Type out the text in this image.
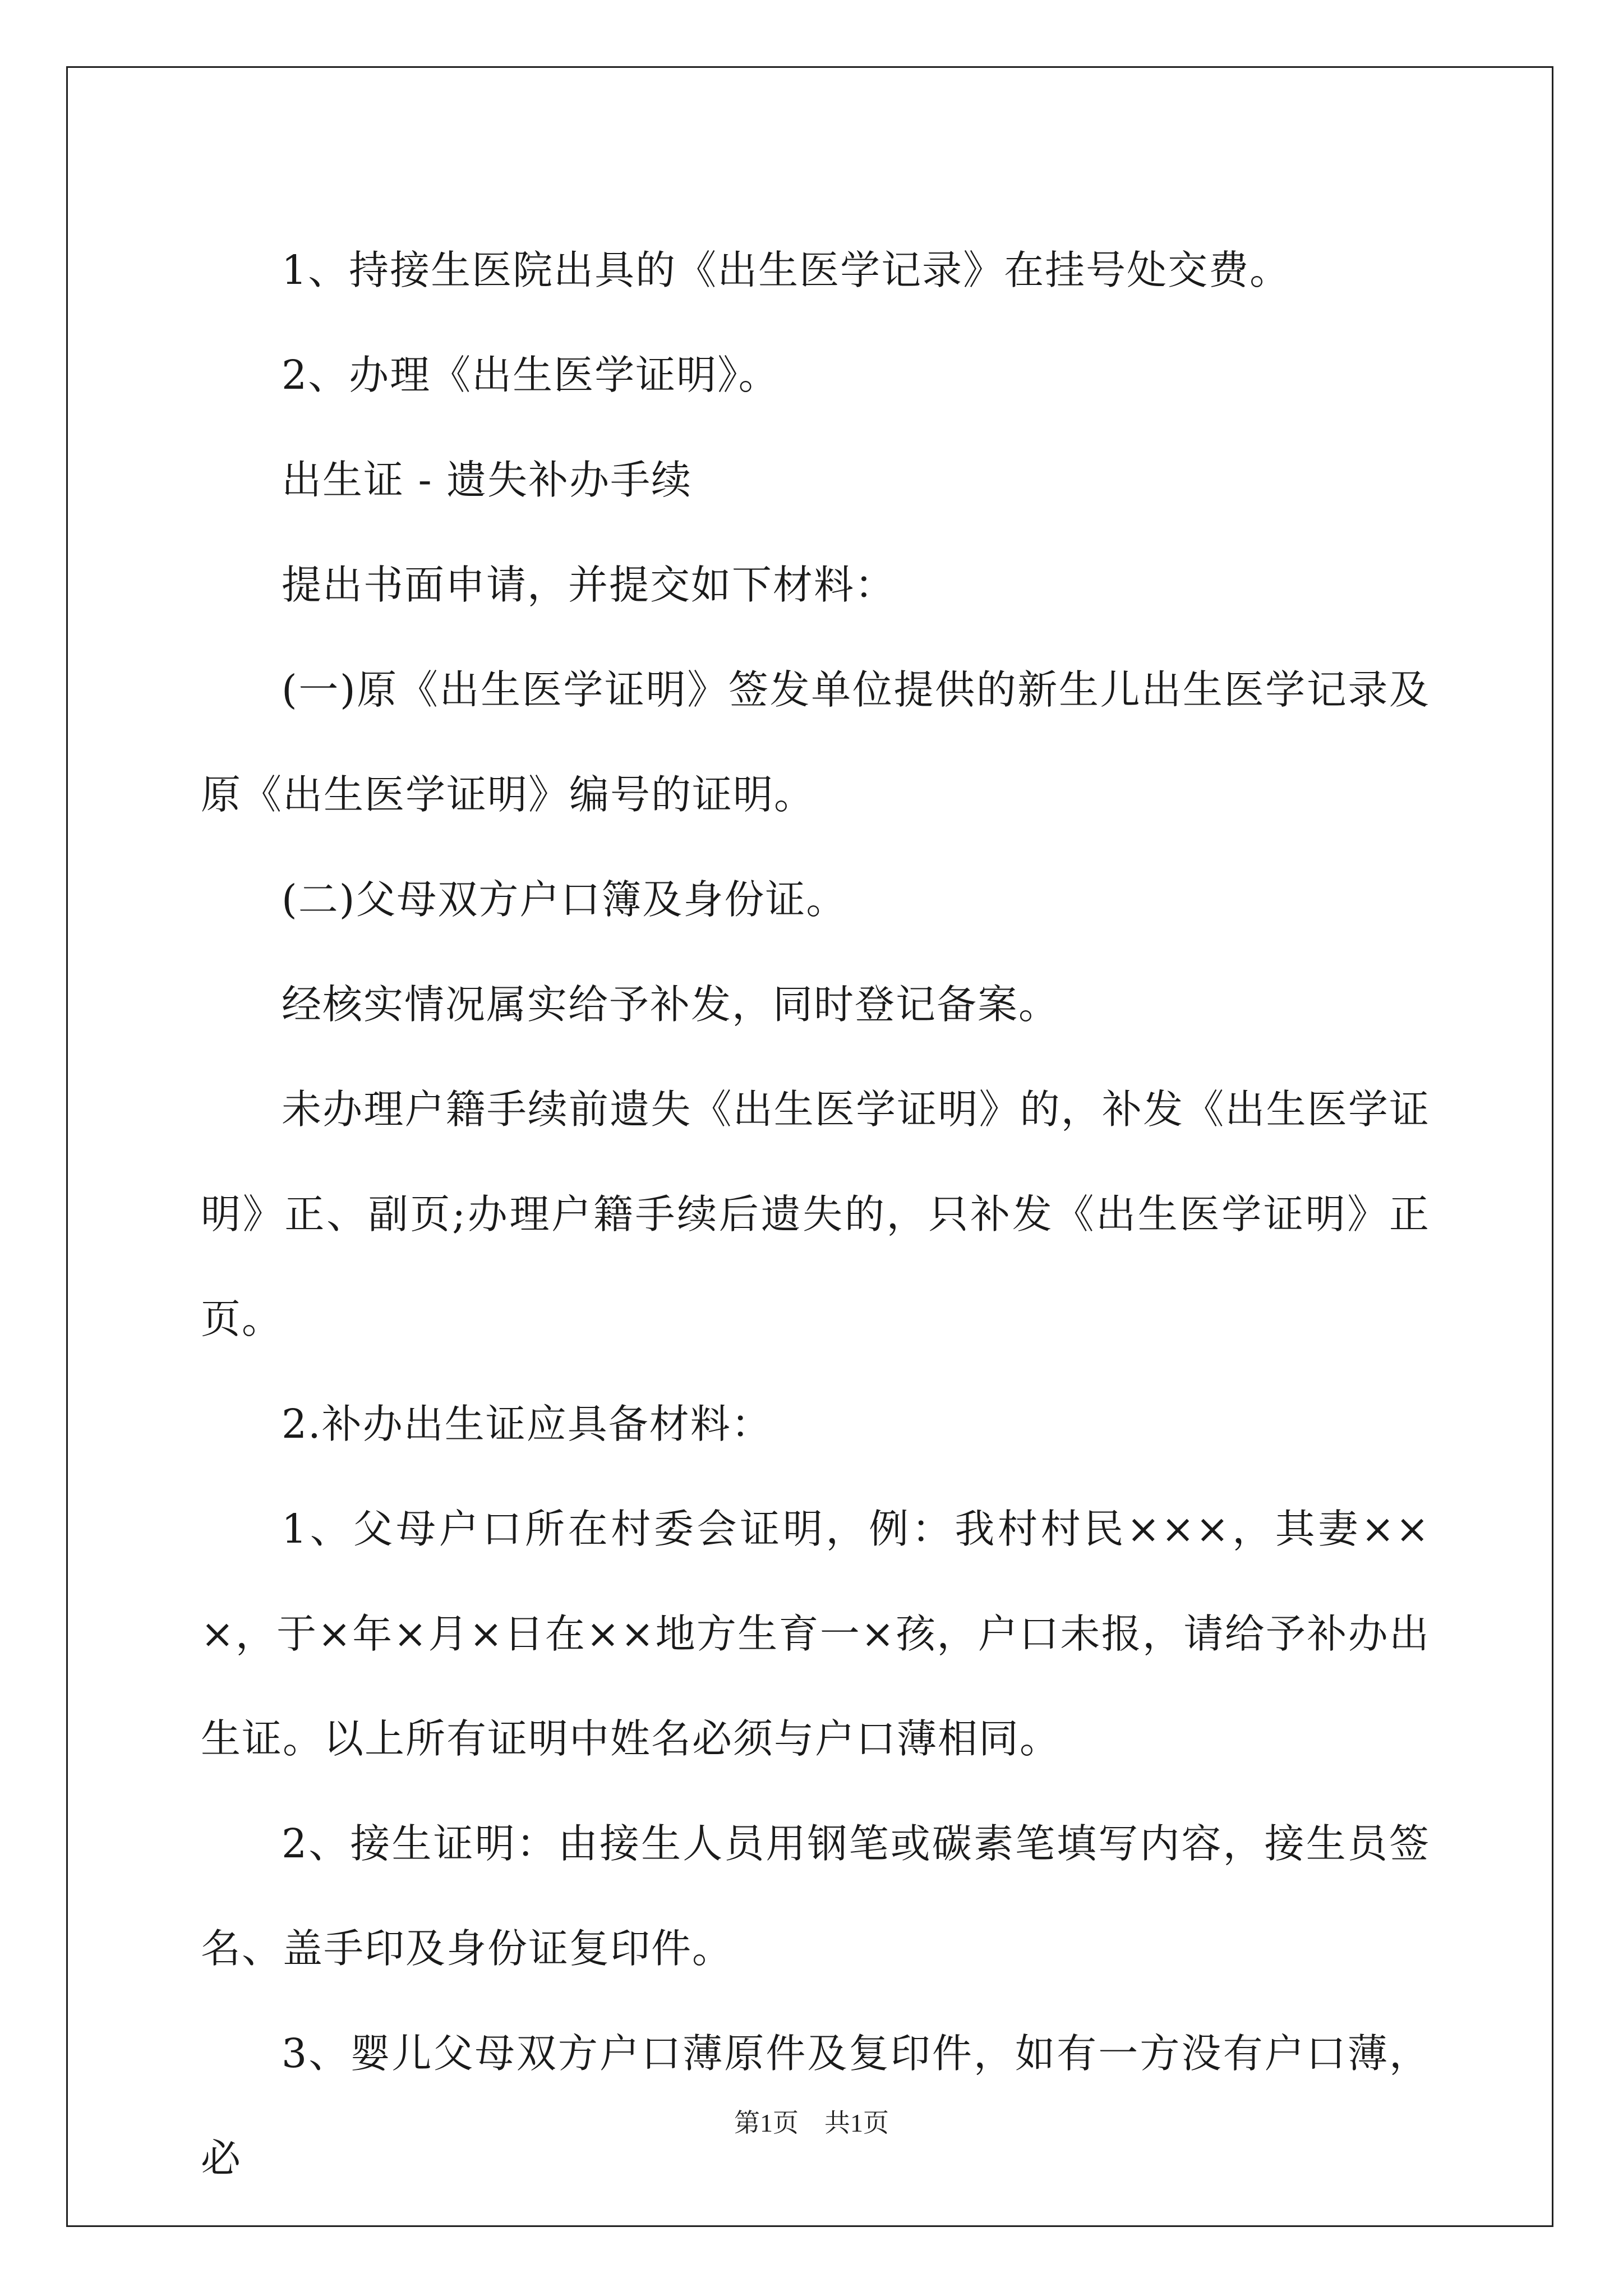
1、持接生医院出具的《出生医学记录》在挂号处交费。

2、办理《出生医学证明》。

出生证 - 遗失补办手续

提出书面申请，并提交如下材料：

(一)原《出生医学证明》签发单位提供的新生儿出生医学记录及原《出生医学证明》编号的证明。

(二)父母双方户口簿及身份证。

经核实情况属实给予补发，同时登记备案。

未办理户籍手续前遗失《出生医学证明》的，补发《出生医学证明》正、副页;办理户籍手续后遗失的，只补发《出生医学证明》正页。

2.补办出生证应具备材料：

1、父母户口所在村委会证明，例：我村村民×××，其妻×××，于×年×月×日在××地方生育一×孩，户口未报，请给予补办出生证。以上所有证明中姓名必须与户口薄相同。

2、接生证明：由接生人员用钢笔或碳素笔填写内容，接生员签名、盖手印及身份证复印件。

3、婴儿父母双方户口薄原件及复印件，如有一方没有户口薄，必

第1页　共1页
